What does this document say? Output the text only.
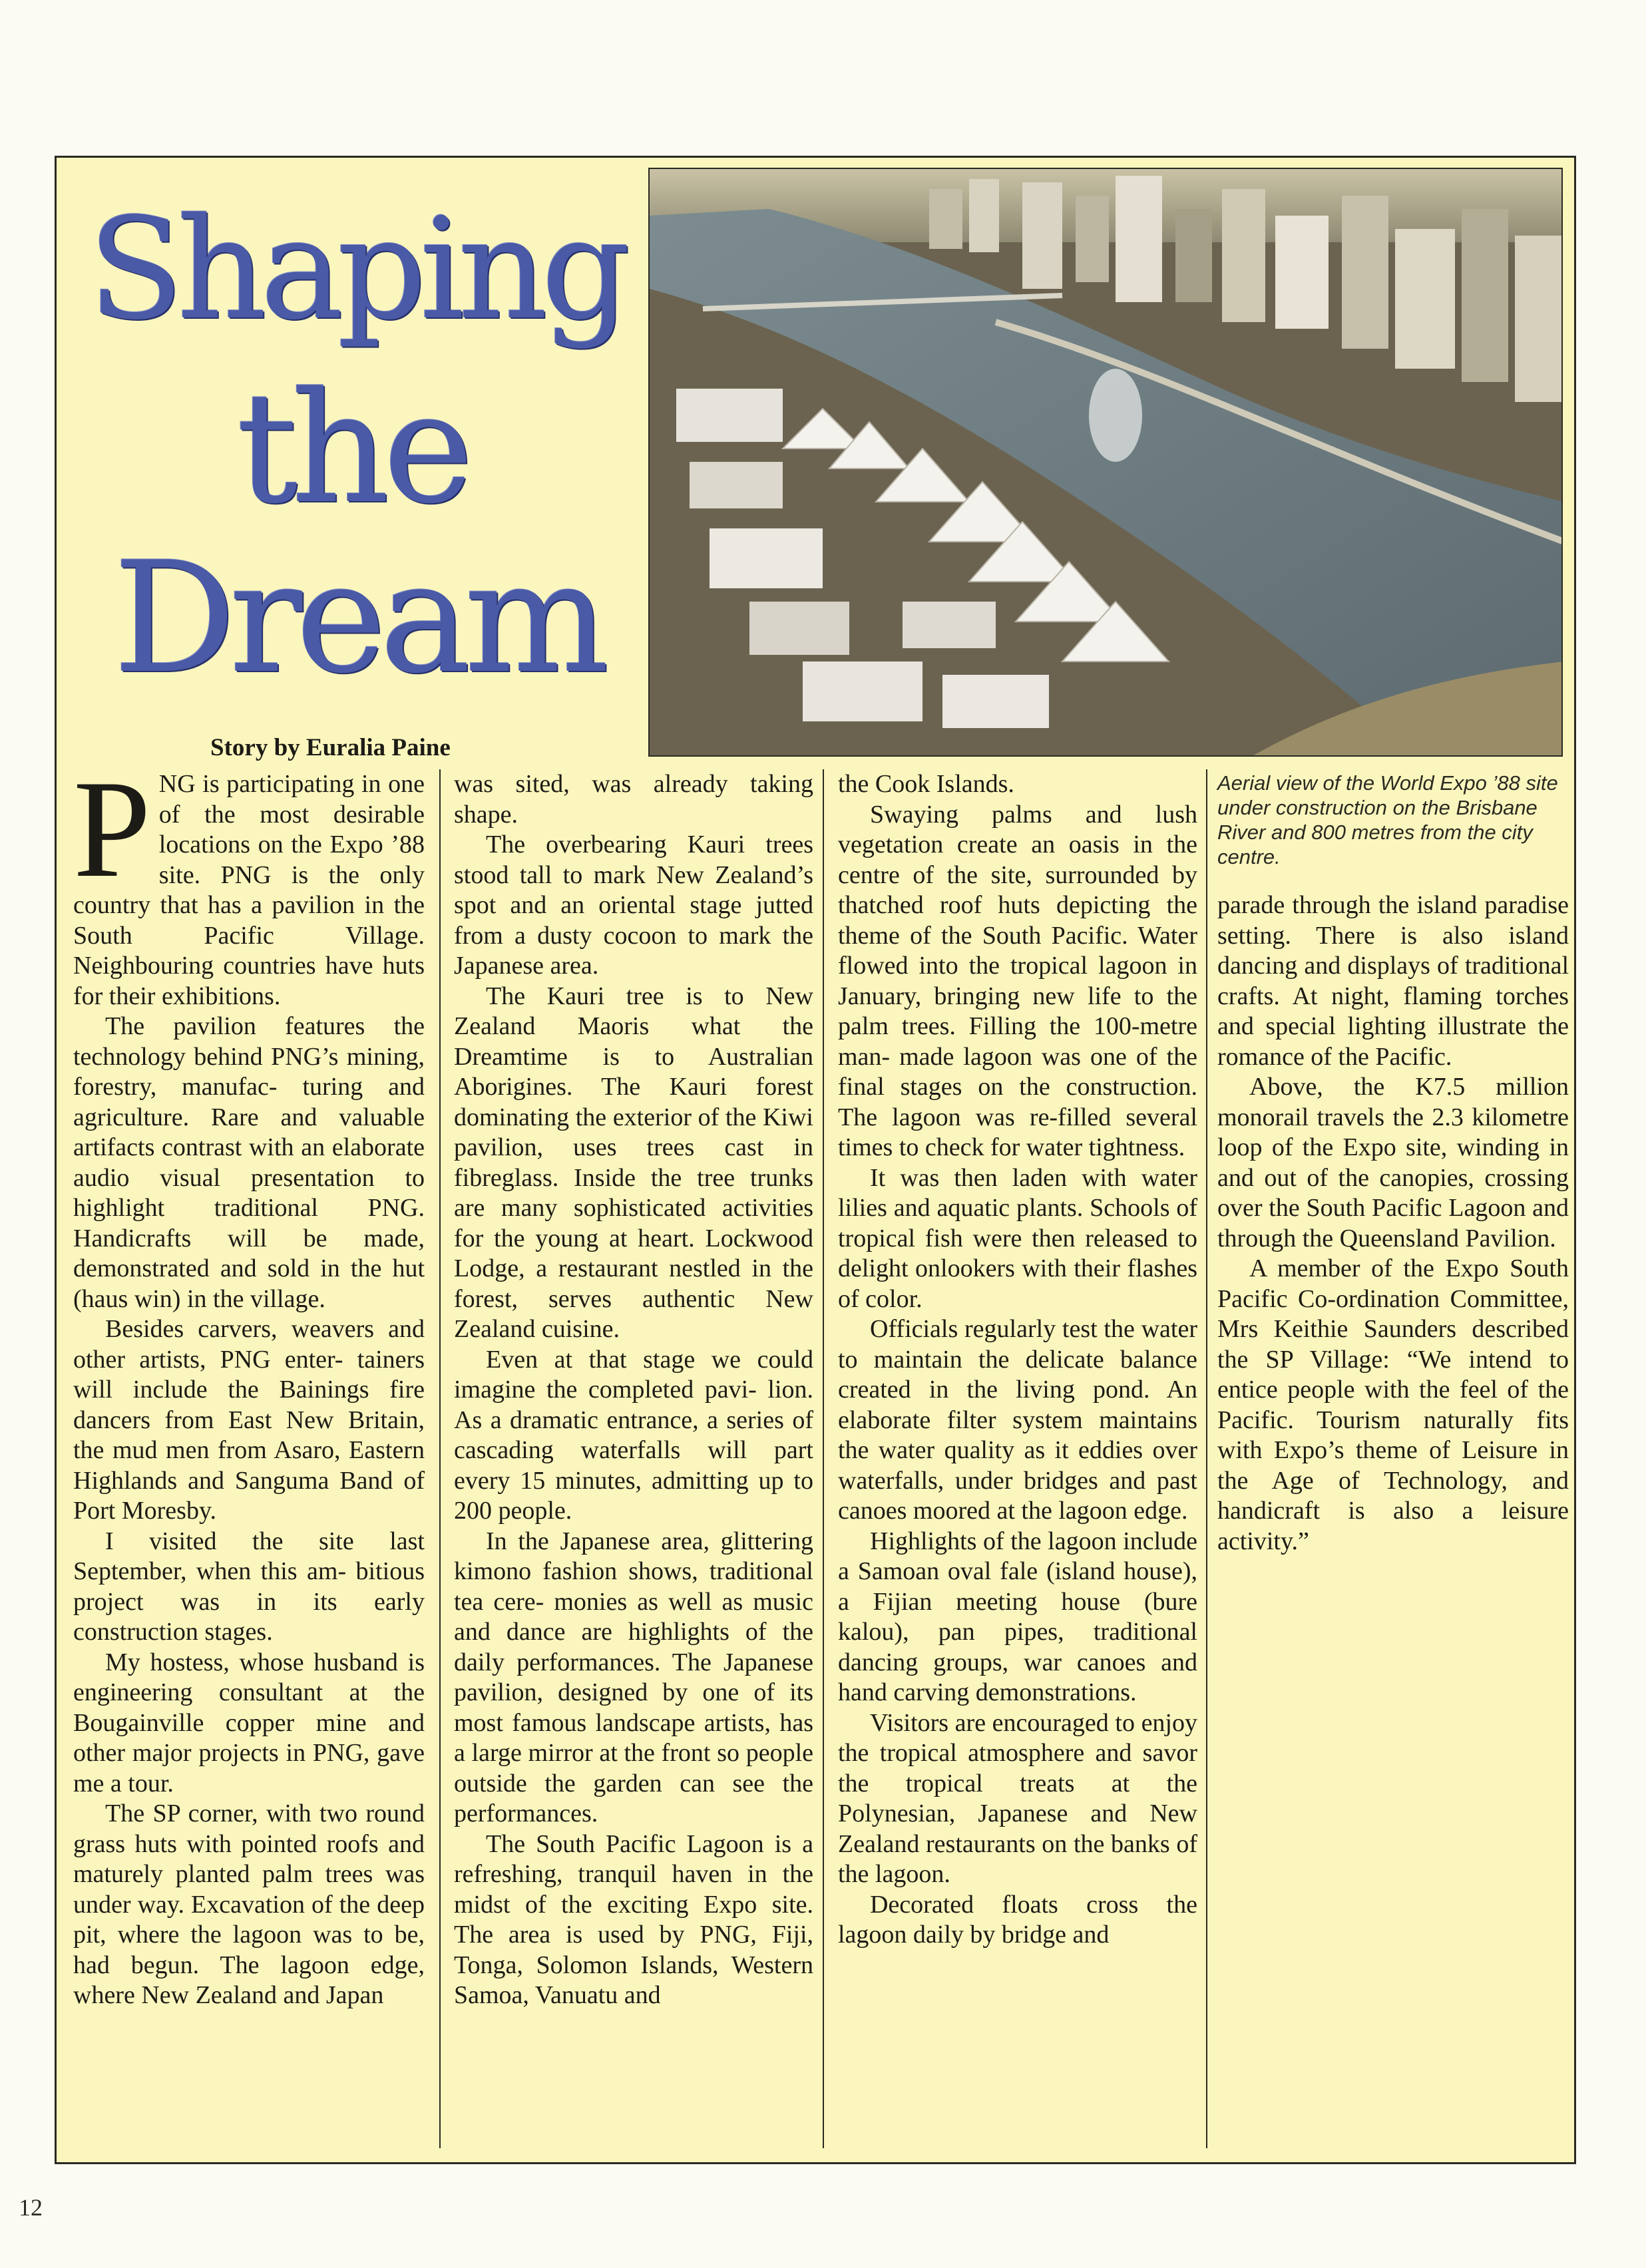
Shaping
the
Dream

Story by Euralia Paine

PNG is participating in one of the most desirable locations on the Expo ’88 site. PNG is the only country that has a pavilion in the South Pacific Village. Neighbouring countries have huts for their exhibitions.

The pavilion features the technology behind PNG’s mining, forestry, manufac- turing and agriculture. Rare and valuable artifacts contrast with an elaborate audio visual presentation to highlight traditional PNG. Handicrafts will be made, demonstrated and sold in the hut (haus win) in the village.

Besides carvers, weavers and other artists, PNG enter- tainers will include the Bainings fire dancers from East New Britain, the mud men from Asaro, Eastern Highlands and Sanguma Band of Port Moresby.

I visited the site last September, when this am- bitious project was in its early construction stages.

My hostess, whose husband is engineering consultant at the Bougainville copper mine and other major projects in PNG, gave me a tour.

The SP corner, with two round grass huts with pointed roofs and maturely planted palm trees was under way. Excavation of the deep pit, where the lagoon was to be, had begun. The lagoon edge, where New Zealand and Japan

was sited, was already taking shape.

The overbearing Kauri trees stood tall to mark New Zealand’s spot and an oriental stage jutted from a dusty cocoon to mark the Japanese area.

The Kauri tree is to New Zealand Maoris what the Dreamtime is to Australian Aborigines. The Kauri forest dominating the exterior of the Kiwi pavilion, uses trees cast in fibreglass. Inside the tree trunks are many sophisticated activities for the young at heart. Lockwood Lodge, a restaurant nestled in the forest, serves authentic New Zealand cuisine.

Even at that stage we could imagine the completed pavi- lion. As a dramatic entrance, a series of cascading waterfalls will part every 15 minutes, admitting up to 200 people.

In the Japanese area, glittering kimono fashion shows, traditional tea cere- monies as well as music and dance are highlights of the daily performances. The Japanese pavilion, designed by one of its most famous landscape artists, has a large mirror at the front so people outside the garden can see the performances.

The South Pacific Lagoon is a refreshing, tranquil haven in the midst of the exciting Expo site. The area is used by PNG, Fiji, Tonga, Solomon Islands, Western Samoa, Vanuatu and

the Cook Islands.

Swaying palms and lush vegetation create an oasis in the centre of the site, surrounded by thatched roof huts depicting the theme of the South Pacific. Water flowed into the tropical lagoon in January, bringing new life to the palm trees. Filling the 100-metre man- made lagoon was one of the final stages on the construction. The lagoon was re-filled several times to check for water tightness.

It was then laden with water lilies and aquatic plants. Schools of tropical fish were then released to delight onlookers with their flashes of color.

Officials regularly test the water to maintain the delicate balance created in the living pond. An elaborate filter system maintains the water quality as it eddies over waterfalls, under bridges and past canoes moored at the lagoon edge.

Highlights of the lagoon include a Samoan oval fale (island house), a Fijian meeting house (bure kalou), pan pipes, traditional dancing groups, war canoes and hand carving demonstrations.

Visitors are encouraged to enjoy the tropical atmosphere and savor the tropical treats at the Polynesian, Japanese and New Zealand restaurants on the banks of the lagoon.

Decorated floats cross the lagoon daily by bridge and

Aerial view of the World Expo ’88 site under construction on the Brisbane River and 800 metres from the city centre.

parade through the island paradise setting. There is also island dancing and displays of traditional crafts. At night, flaming torches and special lighting illustrate the romance of the Pacific.

Above, the K7.5 million monorail travels the 2.3 kilometre loop of the Expo site, winding in and out of the canopies, crossing over the South Pacific Lagoon and through the Queensland Pavilion.

A member of the Expo South Pacific Co-ordination Committee, Mrs Keithie Saunders described the SP Village: “We intend to entice people with the feel of the Pacific. Tourism naturally fits with Expo’s theme of Leisure in the Age of Technology, and handicraft is also a leisure activity.”

12
